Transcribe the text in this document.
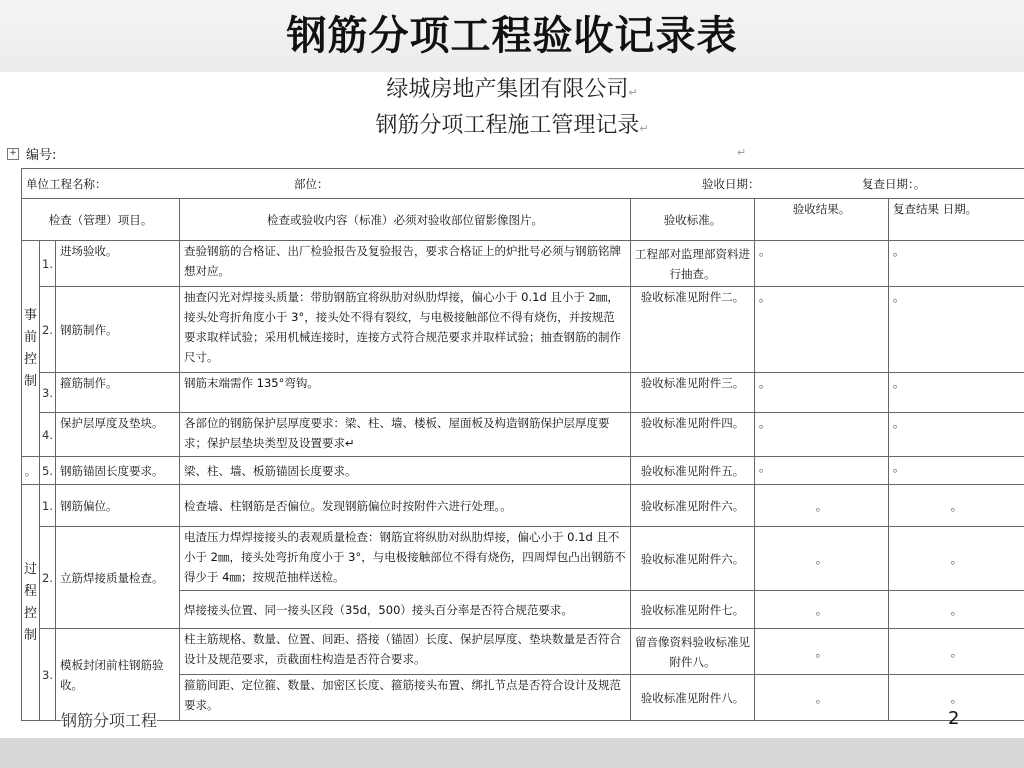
钢筋分项工程验收记录表
绿城房地产集团有限公司↵
钢筋分项工程施工管理记录↵
+ 编号:	↵
单位工程名称： 部位： 验收日期： 复查日期：。						

检查（管理）项目。			检查或验收内容（标准）必须对验收部位留影像图片。	验收标准。	验收结果。	复查结果 日期。
事前控制	1.	进场验收。	查验钢筋的合格证、出厂检验报告及复验报告，要求合格证上的炉批号必须与钢筋铭牌想对应。	工程部对监理部资料进行抽查。	。	。
	2.	钢筋制作。	抽查闪光对焊接头质量：带肋钢筋宜将纵肋对纵肋焊接，偏心小于 0.1d 且小于 2㎜，接头处弯折角度小于 3°，接头处不得有裂纹，与电极接触部位不得有烧伤，并按规范要求取样试验；采用机械连接时，连接方式符合规范要求并取样试验；抽查钢筋的制作尺寸。	验收标准见附件二。	。	。
	3.	箍筋制作。	钢筋末端需作 135°弯钩。	验收标准见附件三。	。	。
	4.	保护层厚度及垫块。	各部位的钢筋保护层厚度要求：梁、柱、墙、楼板、屋面板及构造钢筋保护层厚度要求；保护层垫块类型及设置要求↵	验收标准见附件四。	。	。
。	5.	钢筋锚固长度要求。	梁、柱、墙、板筋锚固长度要求。	验收标准见附件五。	。	。
过程控制	1.	钢筋偏位。	检查墙、柱钢筋是否偏位。发现钢筋偏位时按附件六进行处理。。	验收标准见附件六。	。	。
	2.	立筋焊接质量检查。	电渣压力焊焊接接头的表观质量检查：钢筋宜将纵肋对纵肋焊接，偏心小于 0.1d 且不小于 2㎜，接头处弯折角度小于 3°，与电极接触部位不得有烧伤，四周焊包凸出钢筋不得少于 4㎜；按规范抽样送检。	验收标准见附件六。	。	。
			焊接接头位置、同一接头区段（35d，500）接头百分率是否符合规范要求。	验收标准见附件七。	。	。
	3.	模板封闭前柱钢筋验收。	柱主筋规格、数量、位置、间距、搭接（锚固）长度、保护层厚度、垫块数量是否符合设计及规范要求，贡截面柱构造是否符合要求。	留音像资料验收标准见附件八。	。	。
			箍筋间距、定位箍、数量、加密区长度、箍筋接头布置、绑扎节点是否符合设计及规范要求。	验收标准见附件八。	。	。
钢筋分项工程	2
